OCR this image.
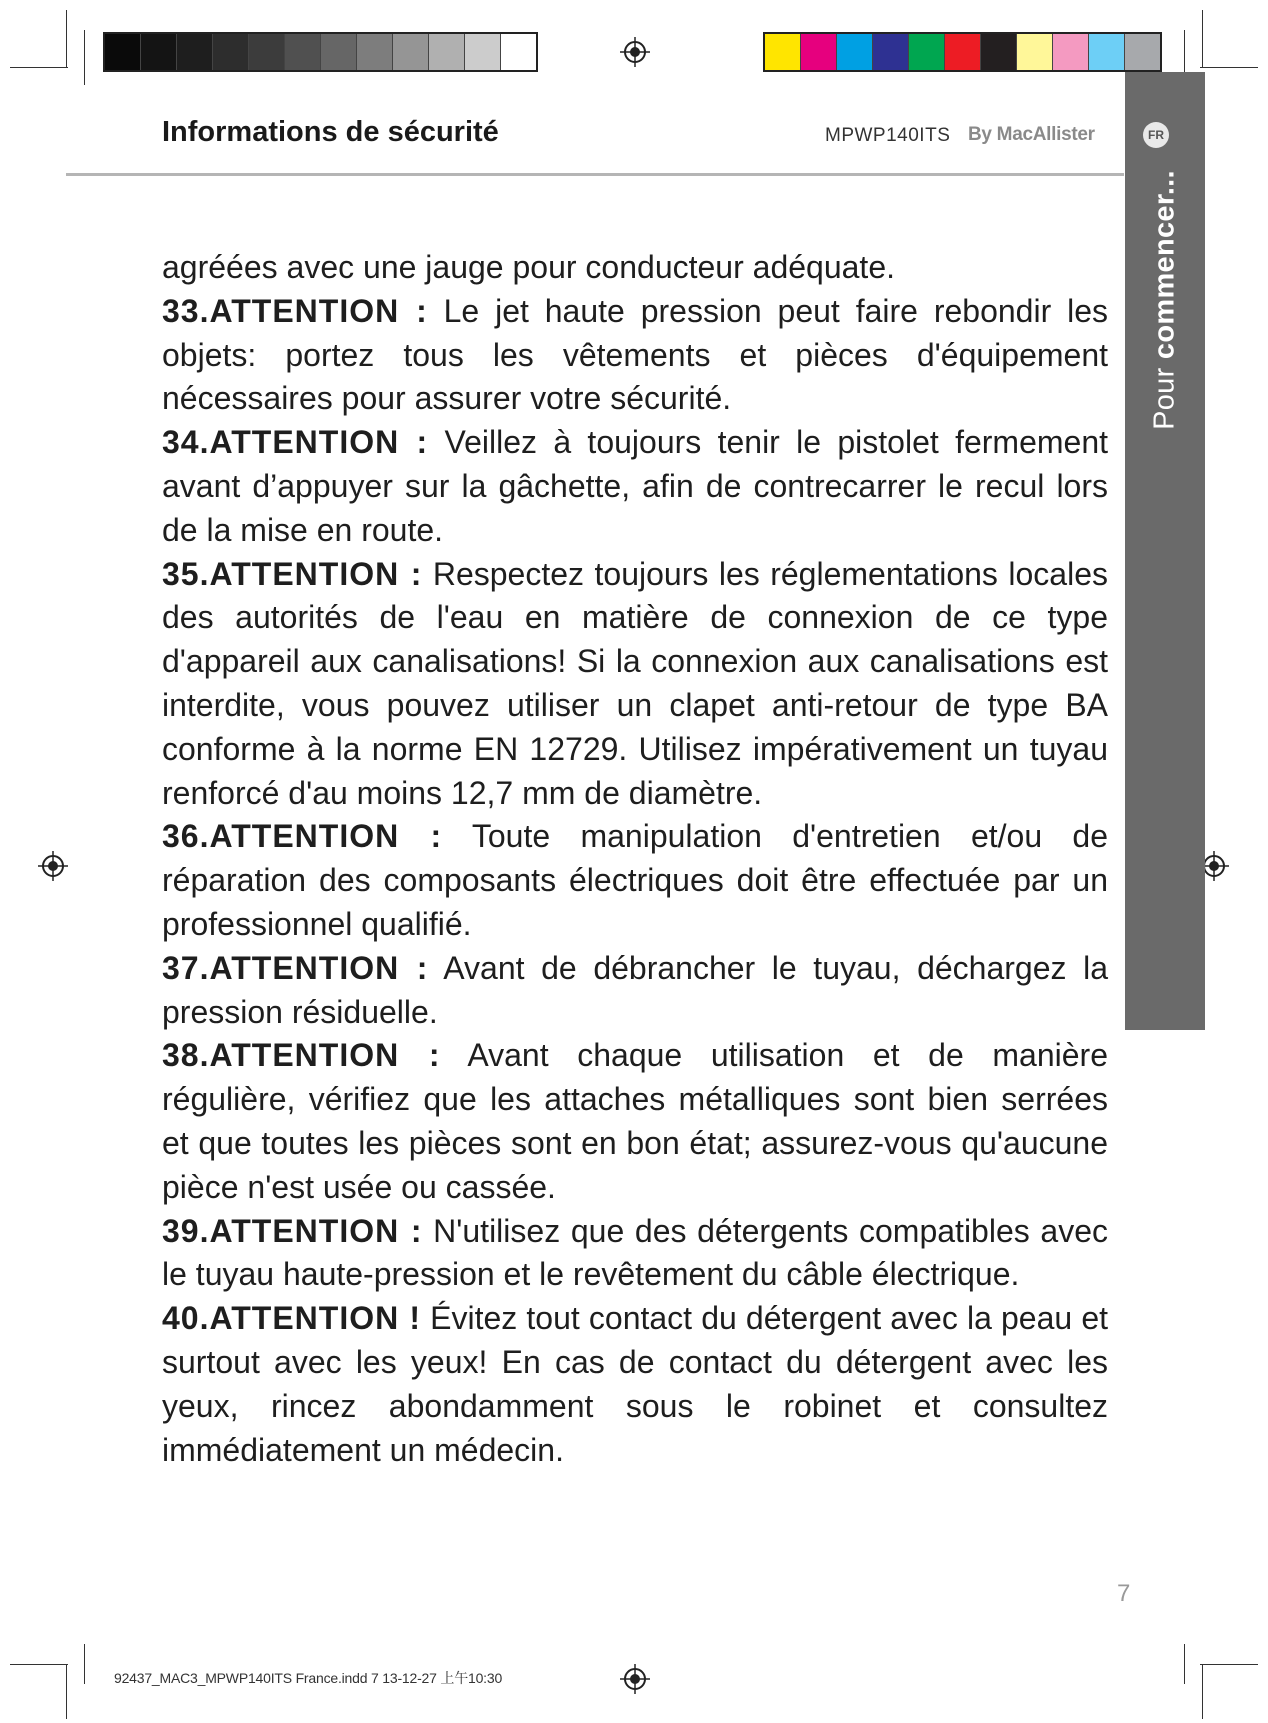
FR
Pour commencer...
Informations de sécurité	MPWP140ITS By MacAllister

agréées avec une jauge pour conducteur adéquate.

33.ATTENTION : Le jet haute pression peut faire rebondir les objets: portez tous les vêtements et pièces d'équipement nécessaires pour assurer votre sécurité.

34.ATTENTION : Veillez à toujours tenir le pistolet fermement avant d’appuyer sur la gâchette, afin de contrecarrer le recul lors de la mise en route.

35.ATTENTION : Respectez toujours les réglementations locales des autorités de l'eau en matière de connexion de ce type d'appareil aux canalisations! Si la connexion aux canalisations est interdite, vous pouvez utiliser un clapet anti-retour de type BA conforme à la norme EN 12729. Utilisez impérativement un tuyau renforcé d'au moins 12,7 mm de diamètre.

36.ATTENTION : Toute manipulation d'entretien et/ou de réparation des composants électriques doit être effectuée par un professionnel qualifié.

37.ATTENTION : Avant de débrancher le tuyau, déchargez la pression résiduelle.

38.ATTENTION : Avant chaque utilisation et de manière régulière, vérifiez que les attaches métalliques sont bien serrées et que toutes les pièces sont en bon état; assurez-vous qu'aucune pièce n'est usée ou cassée.

39.ATTENTION : N'utilisez que des détergents compatibles avec le tuyau haute-pression et le revêtement du câble électrique.

40.ATTENTION ! Évitez tout contact du détergent avec la peau et surtout avec les yeux! En cas de contact du détergent avec les yeux, rincez abondamment sous le robinet et consultez immédiatement un médecin.

7
92437_MAC3_MPWP140ITS France.indd 7 13-12-27 上午10:30
